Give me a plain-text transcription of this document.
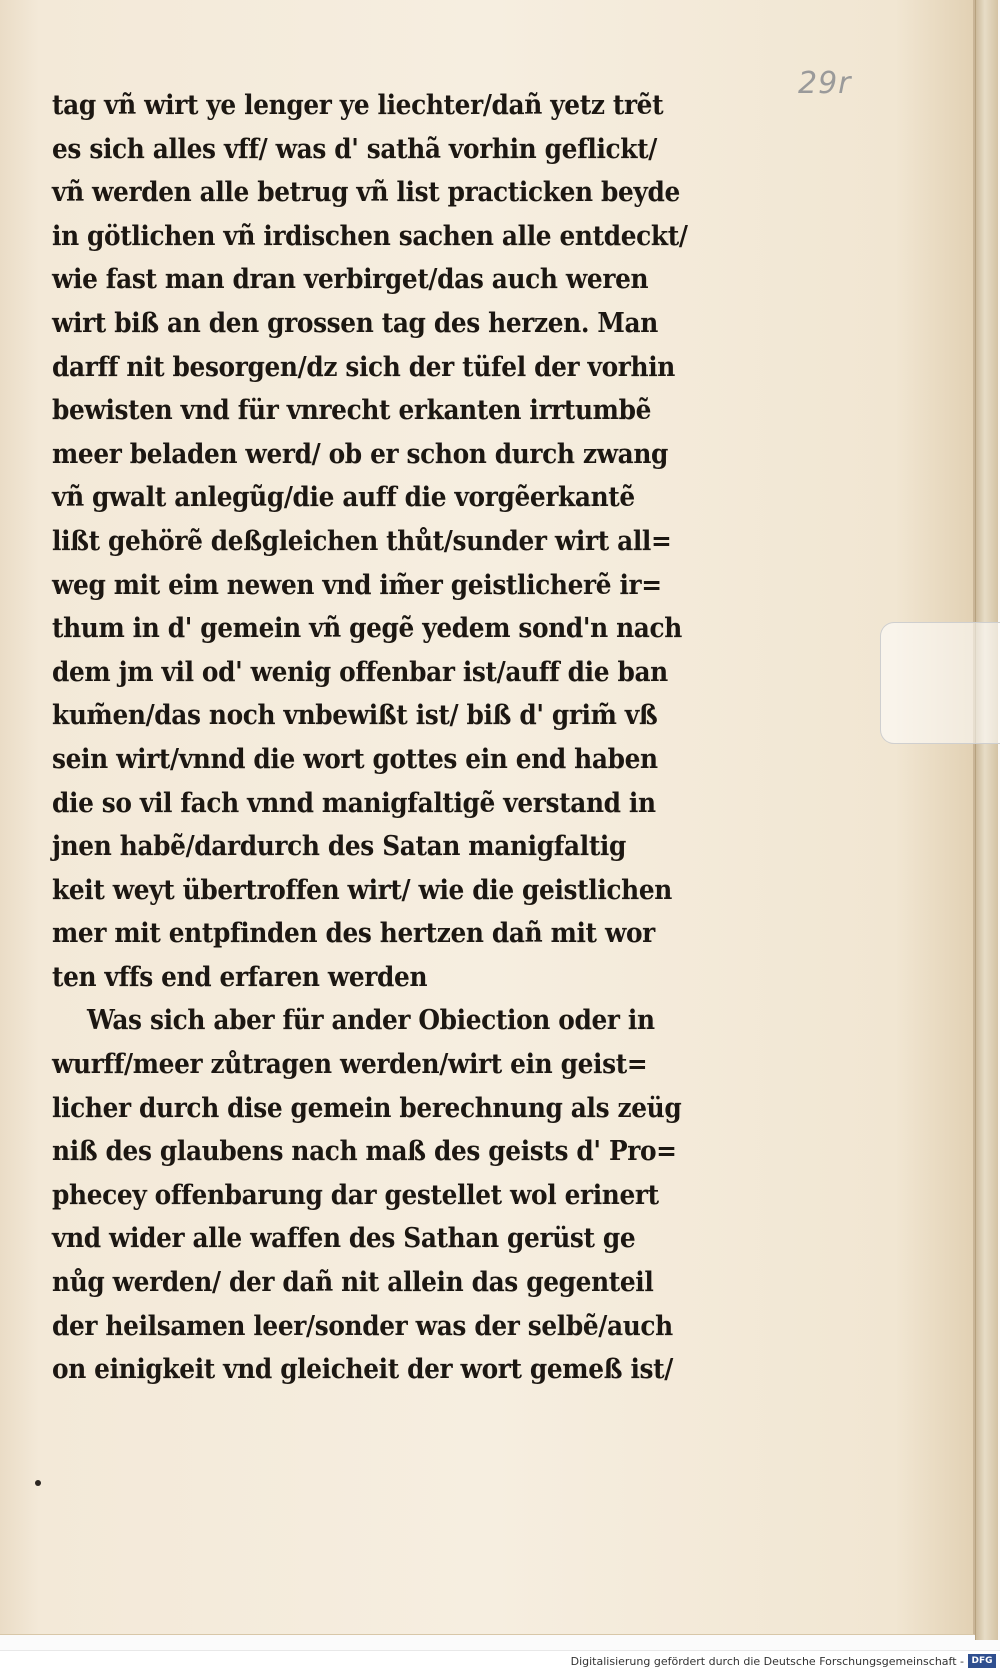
29r
tag vñ wirt ye lenger ye liechter/dañ yetz trẽt
es sich alles vff/ was d' sathã vorhin geflickt/
vñ werden alle betrug vñ list practicken beyde
in götlichen vñ irdischen sachen alle entdeckt/
wie fast man dran verbirget/das auch weren
wirt biß an den grossen tag des herzen. Man
darff nit besorgen/dz sich der tüfel der vorhin
bewisten vnd für vnrecht erkanten irrtumbẽ
meer beladen werd/ ob er schon durch zwang
vñ gwalt anlegũg/die auff die vorgẽerkantẽ
lißt gehörẽ deßgleichen thůt/sunder wirt all=
weg mit eim newen vnd im̃er geistlicherẽ ir=
thum in d' gemein vñ gegẽ yedem sond'n nach
dem jm vil od' wenig offenbar ist/auff die ban
kum̃en/das noch vnbewißt ist/ biß d' grim̃ vß
sein wirt/vnnd die wort gottes ein end haben
die so vil fach vnnd manigfaltigẽ verstand in
jnen habẽ/dardurch des Satan manigfaltig
keit weyt übertroffen wirt/ wie die geistlichen
mer mit entpfinden des hertzen dañ mit wor
ten vffs end erfaren werden
Was sich aber für ander Obiection oder in
wurff/meer zůtragen werden/wirt ein geist=
licher durch dise gemein berechnung als zeüg
niß des glaubens nach maß des geists d' Pro=
phecey offenbarung dar gestellet wol erinert
vnd wider alle waffen des Sathan gerüst ge
nůg werden/ der dañ nit allein das gegenteil
der heilsamen leer/sonder was der selbẽ/auch
on einigkeit vnd gleicheit der wort gemeß ist/
Digitalisierung gefördert durch die Deutsche Forschungsgemeinschaft - DFG
